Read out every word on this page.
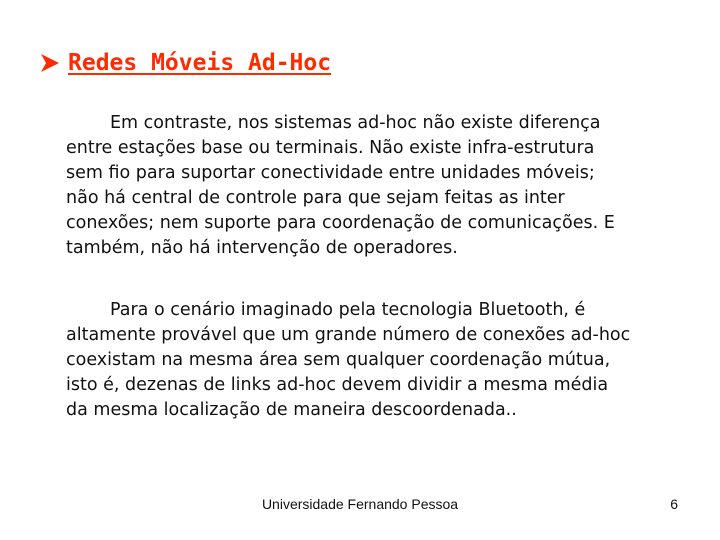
Redes Móveis Ad-Hoc

Em contraste, nos sistemas ad-hoc não existe diferença
entre estações base ou terminais. Não existe infra-estrutura
sem fio para suportar conectividade entre unidades móveis;
não há central de controle para que sejam feitas as inter
conexões; nem suporte para coordenação de comunicações. E
também, não há intervenção de operadores.

Para o cenário imaginado pela tecnologia Bluetooth, é
altamente provável que um grande número de conexões ad-hoc
coexistam na mesma área sem qualquer coordenação mútua,
isto é, dezenas de links ad-hoc devem dividir a mesma média
da mesma localização de maneira descoordenada..

Universidade Fernando Pessoa	6
